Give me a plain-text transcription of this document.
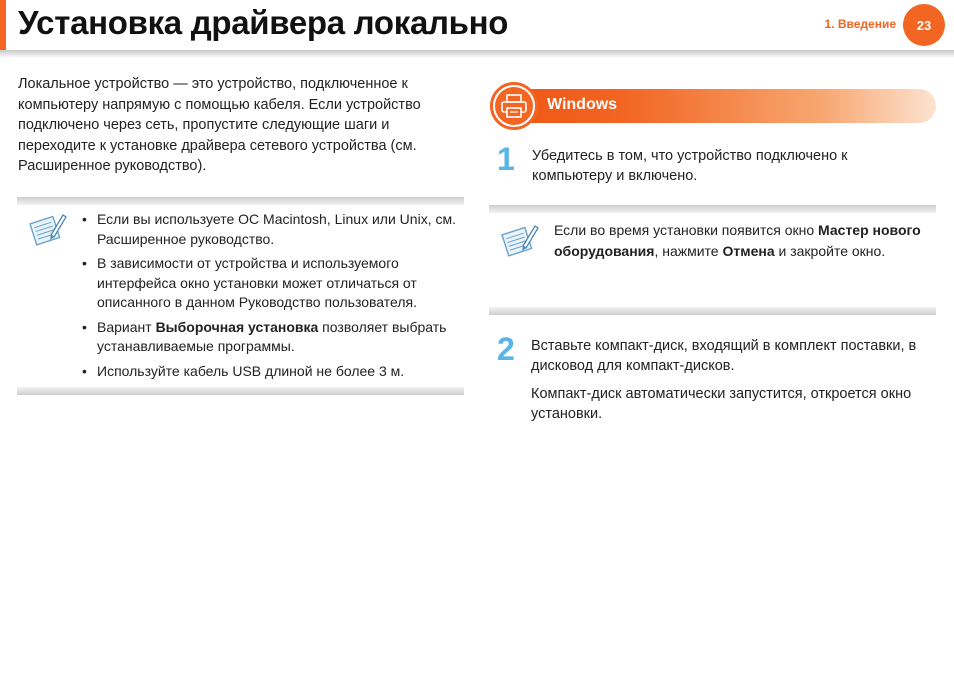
Установка драйвера локально	1. Введение	23

Локальное устройство — это устройство, подключенное к компьютеру напрямую с помощью кабеля. Если устройство подключено через сеть, пропустите следующие шаги и переходите к установке драйвера сетевого устройства (см. Расширенное руководство).

• Если вы используете ОС Macintosh, Linux или Unix, см. Расширенное руководство.
• В зависимости от устройства и используемого интерфейса окно установки может отличаться от описанного в данном Руководство пользователя.
• Вариант Выборочная установка позволяет выбрать устанавливаемые программы.
• Используйте кабель USB длиной не более 3 м.
Windows
1 Убедитесь в том, что устройство подключено к компьютеру и включено.

Если во время установки появится окно Мастер нового оборудования, нажмите Отмена и закройте окно.

2 Вставьте компакт-диск, входящий в комплект поставки, в дисковод для компакт-дисков.

Компакт-диск автоматически запустится, откроется окно установки.
